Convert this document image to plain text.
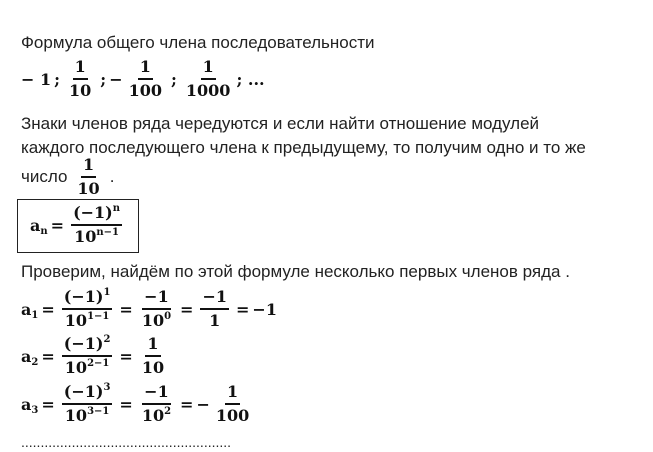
Формула общего члена последовательности
− 1 ; $\frac{1}{10}$ ; − $\frac{1}{100}$ ; $\frac{1}{1000}$ ; ...
Знаки членов ряда чередуются и если найти отношение модулей
каждого последующего члена к предыдущему, то получим одно и то же
число $\frac{1}{10}$ .
$a_n = \frac{(-1)^n}{10^{n-1}}$
Проверим, найдём по этой формуле несколько первых членов ряда .
$a_1 = \frac{(-1)^1}{10^{1-1}} = \frac{-1}{10^0} = \frac{-1}{1} = -1$
$a_2 = \frac{(-1)^2}{10^{2-1}} = \frac{1}{10}$
$a_3 = \frac{(-1)^3}{10^{3-1}} = \frac{-1}{10^2}$ = − $\frac{1}{100}$
......................................................
